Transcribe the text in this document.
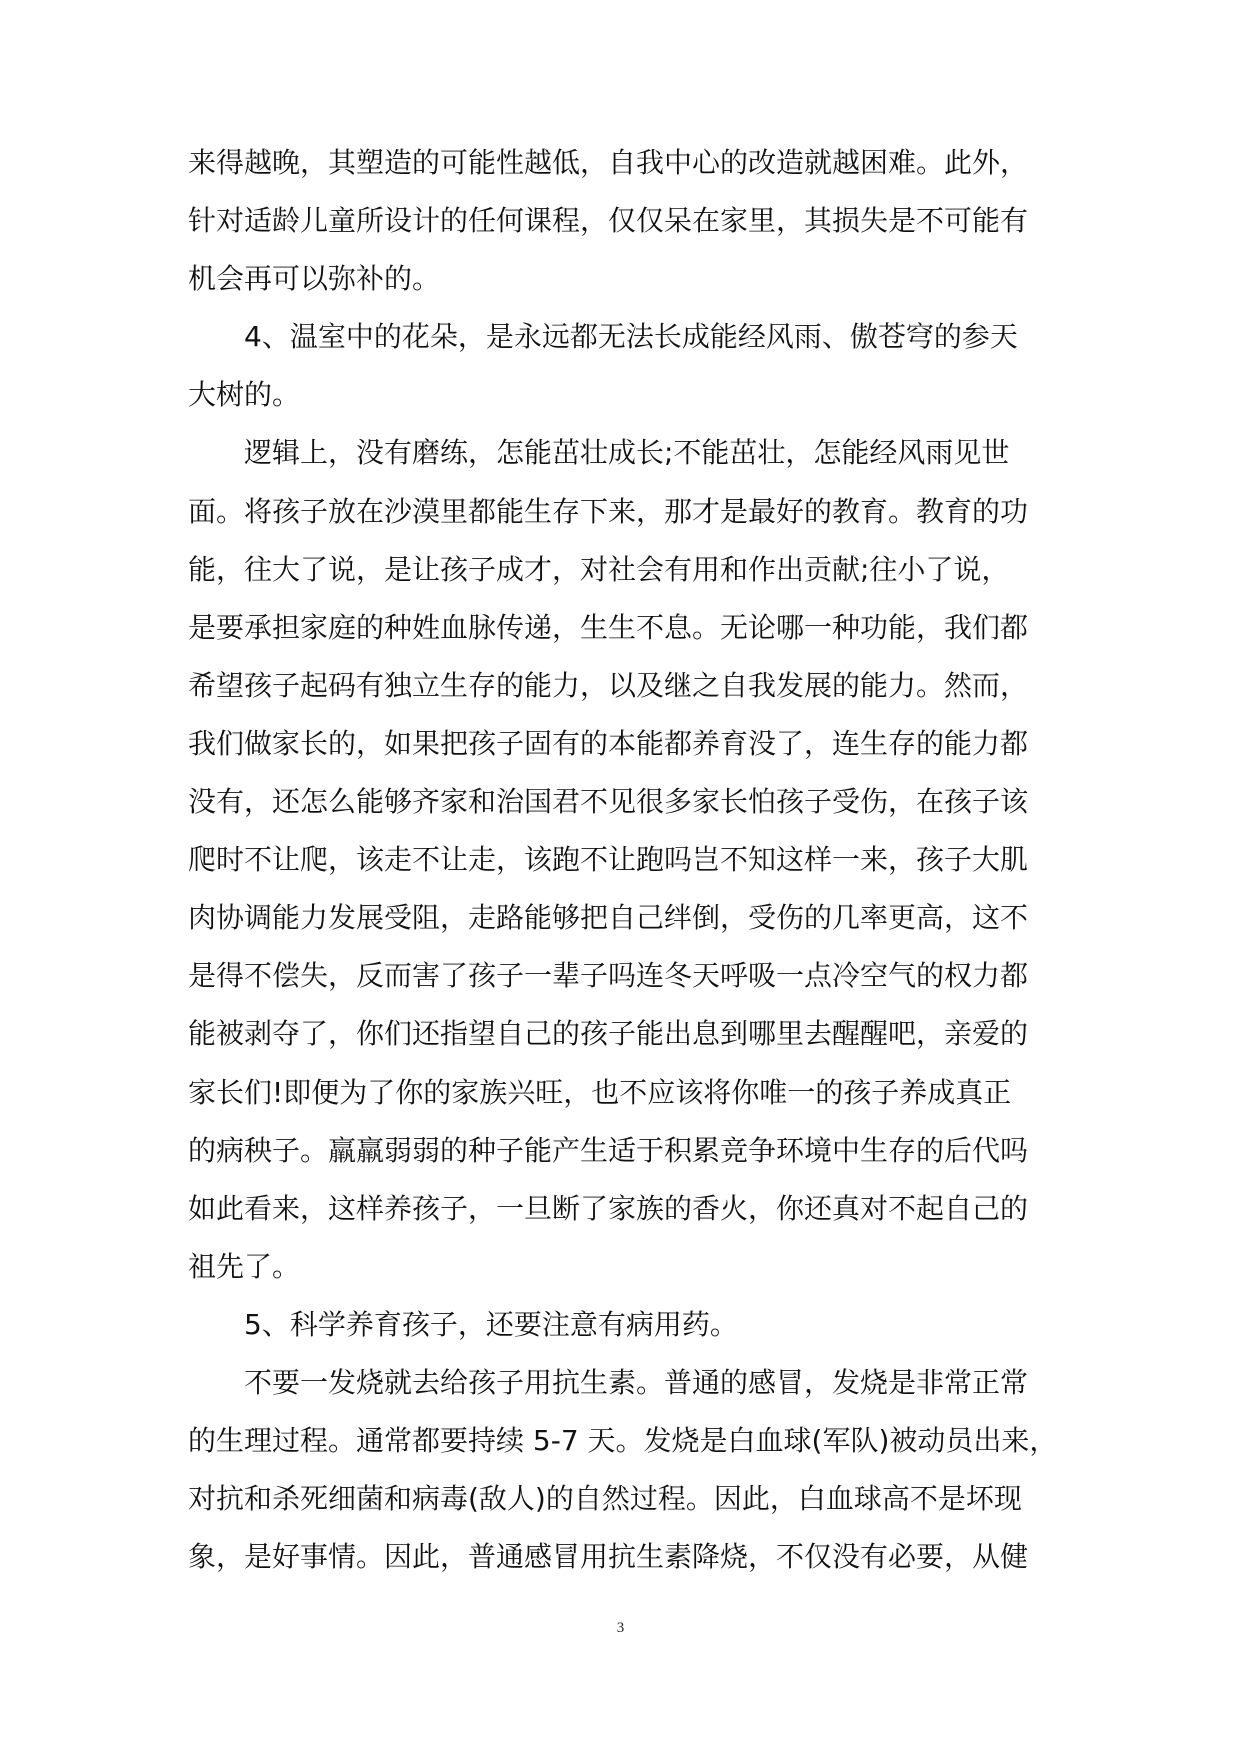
来得越晚，其塑造的可能性越低，自我中心的改造就越困难。此外，
针对适龄儿童所设计的任何课程，仅仅呆在家里，其损失是不可能有
机会再可以弥补的。
4、温室中的花朵，是永远都无法长成能经风雨、傲苍穹的参天
大树的。
逻辑上，没有磨练，怎能茁壮成长;不能茁壮，怎能经风雨见世
面。将孩子放在沙漠里都能生存下来，那才是最好的教育。教育的功
能，往大了说，是让孩子成才，对社会有用和作出贡献;往小了说，
是要承担家庭的种姓血脉传递，生生不息。无论哪一种功能，我们都
希望孩子起码有独立生存的能力，以及继之自我发展的能力。然而，
我们做家长的，如果把孩子固有的本能都养育没了，连生存的能力都
没有，还怎么能够齐家和治国君不见很多家长怕孩子受伤，在孩子该
爬时不让爬，该走不让走，该跑不让跑吗岂不知这样一来，孩子大肌
肉协调能力发展受阻，走路能够把自己绊倒，受伤的几率更高，这不
是得不偿失，反而害了孩子一辈子吗连冬天呼吸一点冷空气的权力都
能被剥夺了，你们还指望自己的孩子能出息到哪里去醒醒吧，亲爱的
家长们!即便为了你的家族兴旺，也不应该将你唯一的孩子养成真正
的病秧子。羸羸弱弱的种子能产生适于积累竞争环境中生存的后代吗
如此看来，这样养孩子，一旦断了家族的香火，你还真对不起自己的
祖先了。
5、科学养育孩子，还要注意有病用药。
不要一发烧就去给孩子用抗生素。普通的感冒，发烧是非常正常
的生理过程。通常都要持续 5-7 天。发烧是白血球(军队)被动员出来，
对抗和杀死细菌和病毒(敌人)的自然过程。因此，白血球高不是坏现
象，是好事情。因此，普通感冒用抗生素降烧，不仅没有必要，从健
3
